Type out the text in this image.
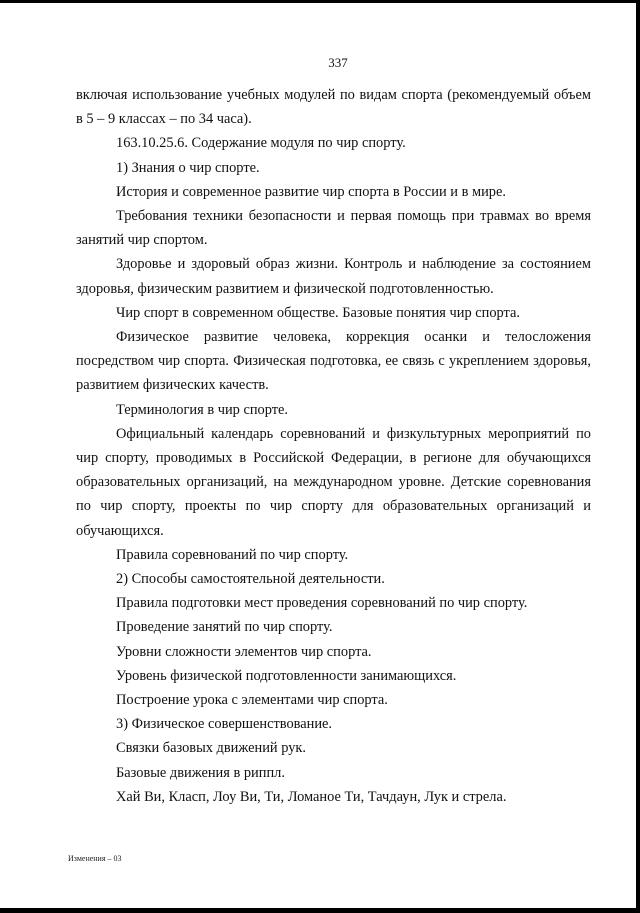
337

включая использование учебных модулей по видам спорта (рекомендуемый объем в 5 – 9 классах – по 34 часа).

163.10.25.6. Содержание модуля по чир спорту.

1) Знания о чир спорте.

История и современное развитие чир спорта в России и в мире.

Требования техники безопасности и первая помощь при травмах во время занятий чир спортом.

Здоровье и здоровый образ жизни. Контроль и наблюдение за состоянием здоровья, физическим развитием и физической подготовленностью.

Чир спорт в современном обществе. Базовые понятия чир спорта.

Физическое развитие человека, коррекция осанки и телосложения посредством чир спорта. Физическая подготовка, ее связь с укреплением здоровья, развитием физических качеств.

Терминология в чир спорте.

Официальный календарь соревнований и физкультурных мероприятий по чир спорту, проводимых в Российской Федерации, в регионе для обучающихся образовательных организаций, на международном уровне. Детские соревнования по чир спорту, проекты по чир спорту для образовательных организаций и обучающихся.

Правила соревнований по чир спорту.

2) Способы самостоятельной деятельности.

Правила подготовки мест проведения соревнований по чир спорту.

Проведение занятий по чир спорту.

Уровни сложности элементов чир спорта.

Уровень физической подготовленности занимающихся.

Построение урока с элементами чир спорта.

3) Физическое совершенствование.

Связки базовых движений рук.

Базовые движения в риппл.

Хай Ви, Класп, Лоу Ви, Ти, Ломаное Ти, Тачдаун, Лук и стрела.

Изменения – 03
